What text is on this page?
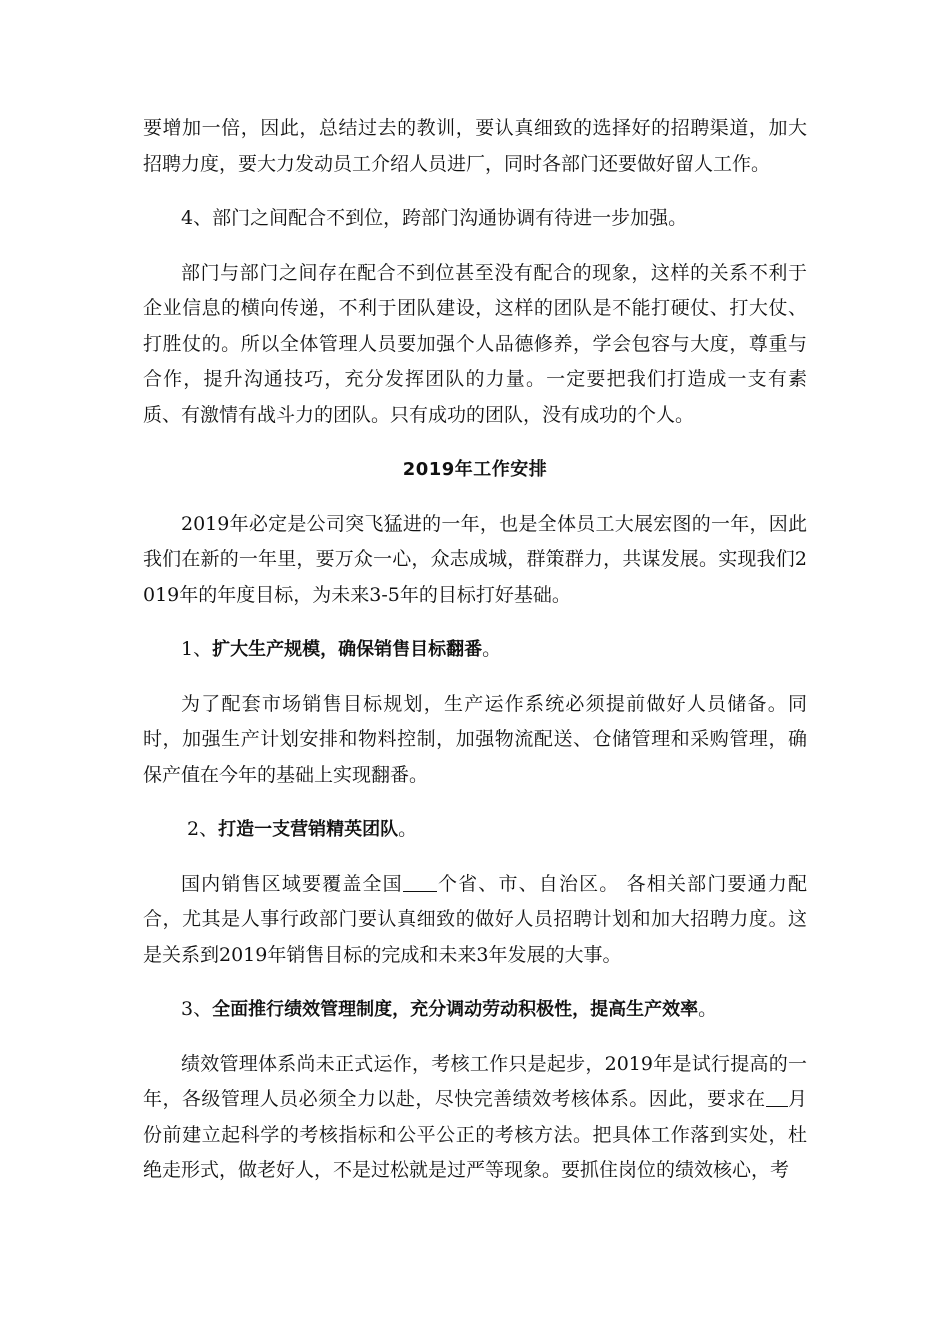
要增加一倍，因此，总结过去的教训，要认真细致的选择好的招聘渠道，加大招聘力度，要大力发动员工介绍人员进厂，同时各部门还要做好留人工作。

4、部门之间配合不到位，跨部门沟通协调有待进一步加强。

部门与部门之间存在配合不到位甚至没有配合的现象，这样的关系不利于企业信息的横向传递，不利于团队建设，这样的团队是不能打硬仗、打大仗、打胜仗的。所以全体管理人员要加强个人品德修养，学会包容与大度，尊重与合作，提升沟通技巧，充分发挥团队的力量。一定要把我们打造成一支有素质、有激情有战斗力的团队。只有成功的团队，没有成功的个人。

2019年工作安排

2019年必定是公司突飞猛进的一年，也是全体员工大展宏图的一年，因此我们在新的一年里，要万众一心，众志成城，群策群力，共谋发展。实现我们2019年的年度目标，为未来3-5年的目标打好基础。

1、扩大生产规模，确保销售目标翻番。

为了配套市场销售目标规划，生产运作系统必须提前做好人员储备。同时，加强生产计划安排和物料控制，加强物流配送、仓储管理和采购管理，确保产值在今年的基础上实现翻番。

2、打造一支营销精英团队。

国内销售区域要覆盖全国 个省、市、自治区。 各相关部门要通力配合，尤其是人事行政部门要认真细致的做好人员招聘计划和加大招聘力度。这是关系到2019年销售目标的完成和未来3年发展的大事。

3、全面推行绩效管理制度，充分调动劳动积极性，提高生产效率。

绩效管理体系尚未正式运作，考核工作只是起步，2019年是试行提高的一年，各级管理人员必须全力以赴，尽快完善绩效考核体系。因此，要求在 月份前建立起科学的考核指标和公平公正的考核方法。把具体工作落到实处，杜绝走形式，做老好人，不是过松就是过严等现象。要抓住岗位的绩效核心，考
